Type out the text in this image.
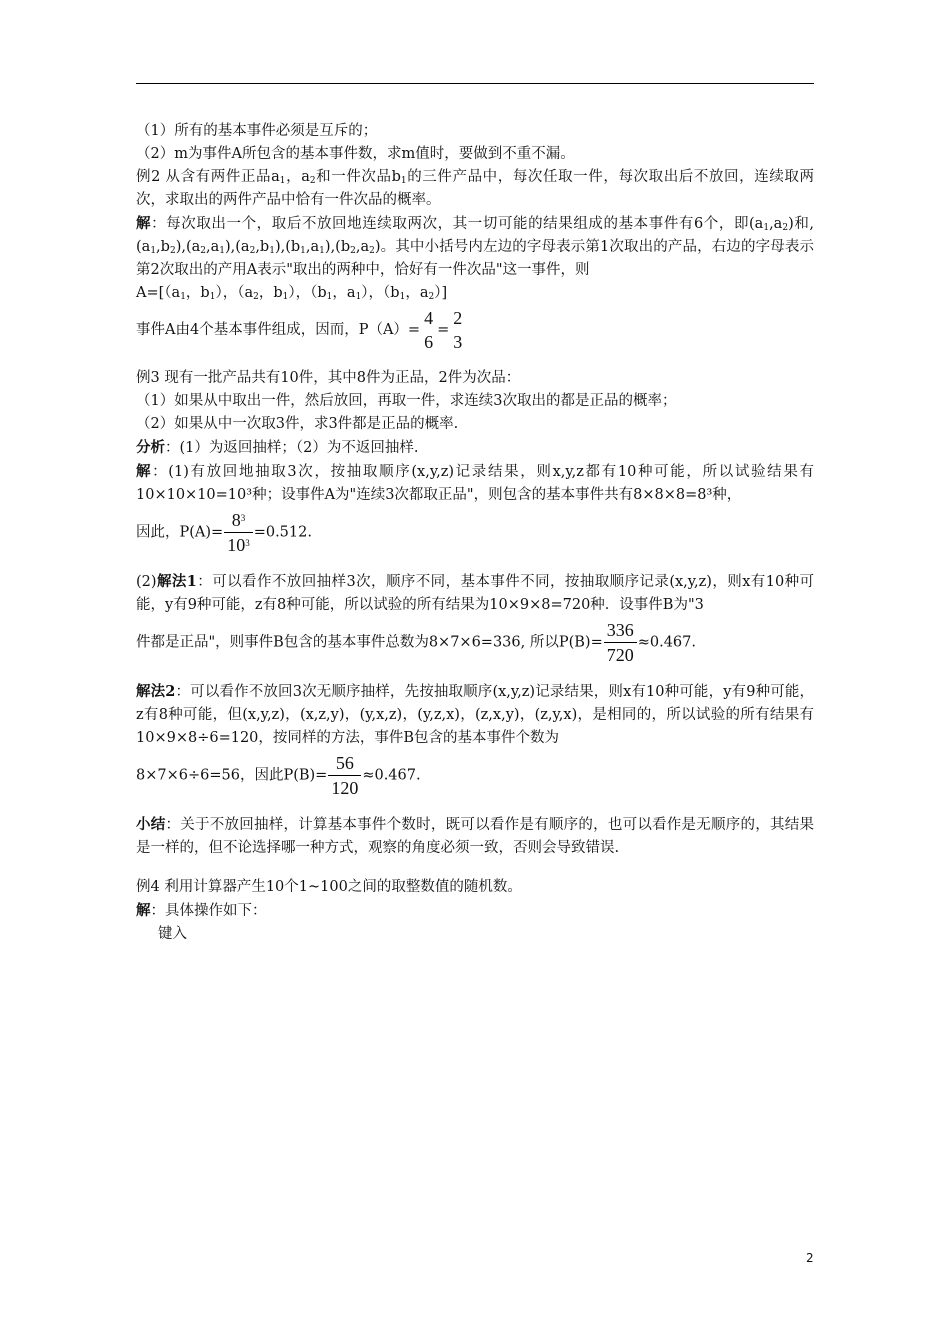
（1）所有的基本事件必须是互斥的；

（2）m为事件A所包含的基本事件数，求m值时，要做到不重不漏。

例2 从含有两件正品$a_1$，$a_2$和一件次品$b_1$的三件产品中，每次任取一件，每次取出后不放回，连续取两次，求取出的两件产品中恰有一件次品的概率。

解：每次取出一个，取后不放回地连续取两次，其一切可能的结果组成的基本事件有6个，即$(a_1,a_2)$和$,(a_1,b_2),(a_2,a_1),(a_2,b_1),(b_1,a_1),(b_2,a_2)$。其中小括号内左边的字母表示第1次取出的产品，右边的字母表示第2次取出的产用A表示"取出的两种中，恰好有一件次品"这一事件，则

$A=[(a_1$，$b_1$），（$a_2$，$b_1$），（$b_1$，$a_1$），（$b_1$，$a_2$）]

事件A由4个基本事件组成，因而，P（A）=
4
6
=
2
3

例3 现有一批产品共有10件，其中8件为正品，2件为次品：

（1）如果从中取出一件，然后放回，再取一件，求连续3次取出的都是正品的概率；

（2）如果从中一次取3件，求3件都是正品的概率.

分析：(1）为返回抽样；（2）为不返回抽样.

解：(1)有放回地抽取3次，按抽取顺序(x,y,z)记录结果，则x,y,z都有10种可能，所以试验结果有10×10×10=10³种；设事件A为"连续3次都取正品"，则包含的基本事件共有8×8×8=8³种，

因此，$P(A)= \frac{8^3}{10^3} =0.512$.

(2)解法1：可以看作不放回抽样3次，顺序不同，基本事件不同，按抽取顺序记录(x,y,z)，则x有10种可能，y有9种可能，z有8种可能，所以试验的所有结果为10×9×8=720种．设事件B为"3

件都是正品"，则事件B包含的基本事件总数为8×7×6=336, 所以$P(B)= \frac{336}{720} \approx 0.467$.

解法2：可以看作不放回3次无顺序抽样，先按抽取顺序(x,y,z)记录结果，则x有10种可能，y有9种可能，z有8种可能，但(x,y,z)，(x,z,y)，(y,x,z)，(y,z,x)，(z,x,y)，(z,y,x)，是相同的，所以试验的所有结果有10×9×8÷6=120，按同样的方法，事件B包含的基本事件个数为

8×7×6÷6=56，因此$P(B)= \frac{56}{120} \approx 0.467$.

小结：关于不放回抽样，计算基本事件个数时，既可以看作是有顺序的，也可以看作是无顺序的，其结果是一样的，但不论选择哪一种方式，观察的角度必须一致，否则会导致错误.

例4 利用计算器产生10个1~100之间的取整数值的随机数。

解：具体操作如下：

键入

2
